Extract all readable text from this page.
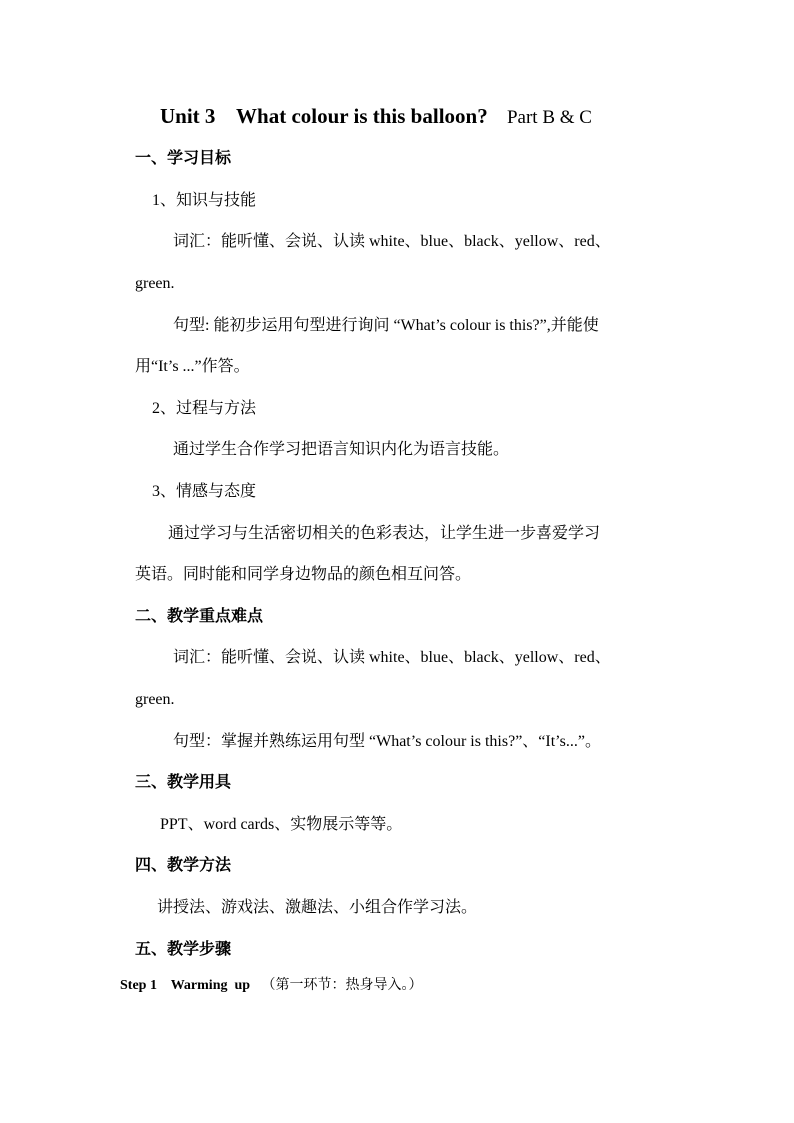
Unit 3    What colour is this balloon? Part B & C
一、学习目标
1、知识与技能
词汇：能听懂、会说、认读 white、blue、black、yellow、red、
green.
句型: 能初步运用句型进行询问 “What’s colour is this?”,并能使
用“It’s ...”作答。
2、过程与方法
通过学生合作学习把语言知识内化为语言技能。
3、情感与态度
通过学习与生活密切相关的色彩表达，让学生进一步喜爱学习
英语。同时能和同学身边物品的颜色相互问答。
二、教学重点难点
词汇：能听懂、会说、认读 white、blue、black、yellow、red、
green.
句型：掌握并熟练运用句型 “What’s colour is this?”、“It’s...”。
三、教学用具
PPT、word cards、实物展示等等。
四、教学方法
讲授法、游戏法、激趣法、小组合作学习法。
五、教学步骤
Step 1    Warming  up （第一环节：热身导入。）
